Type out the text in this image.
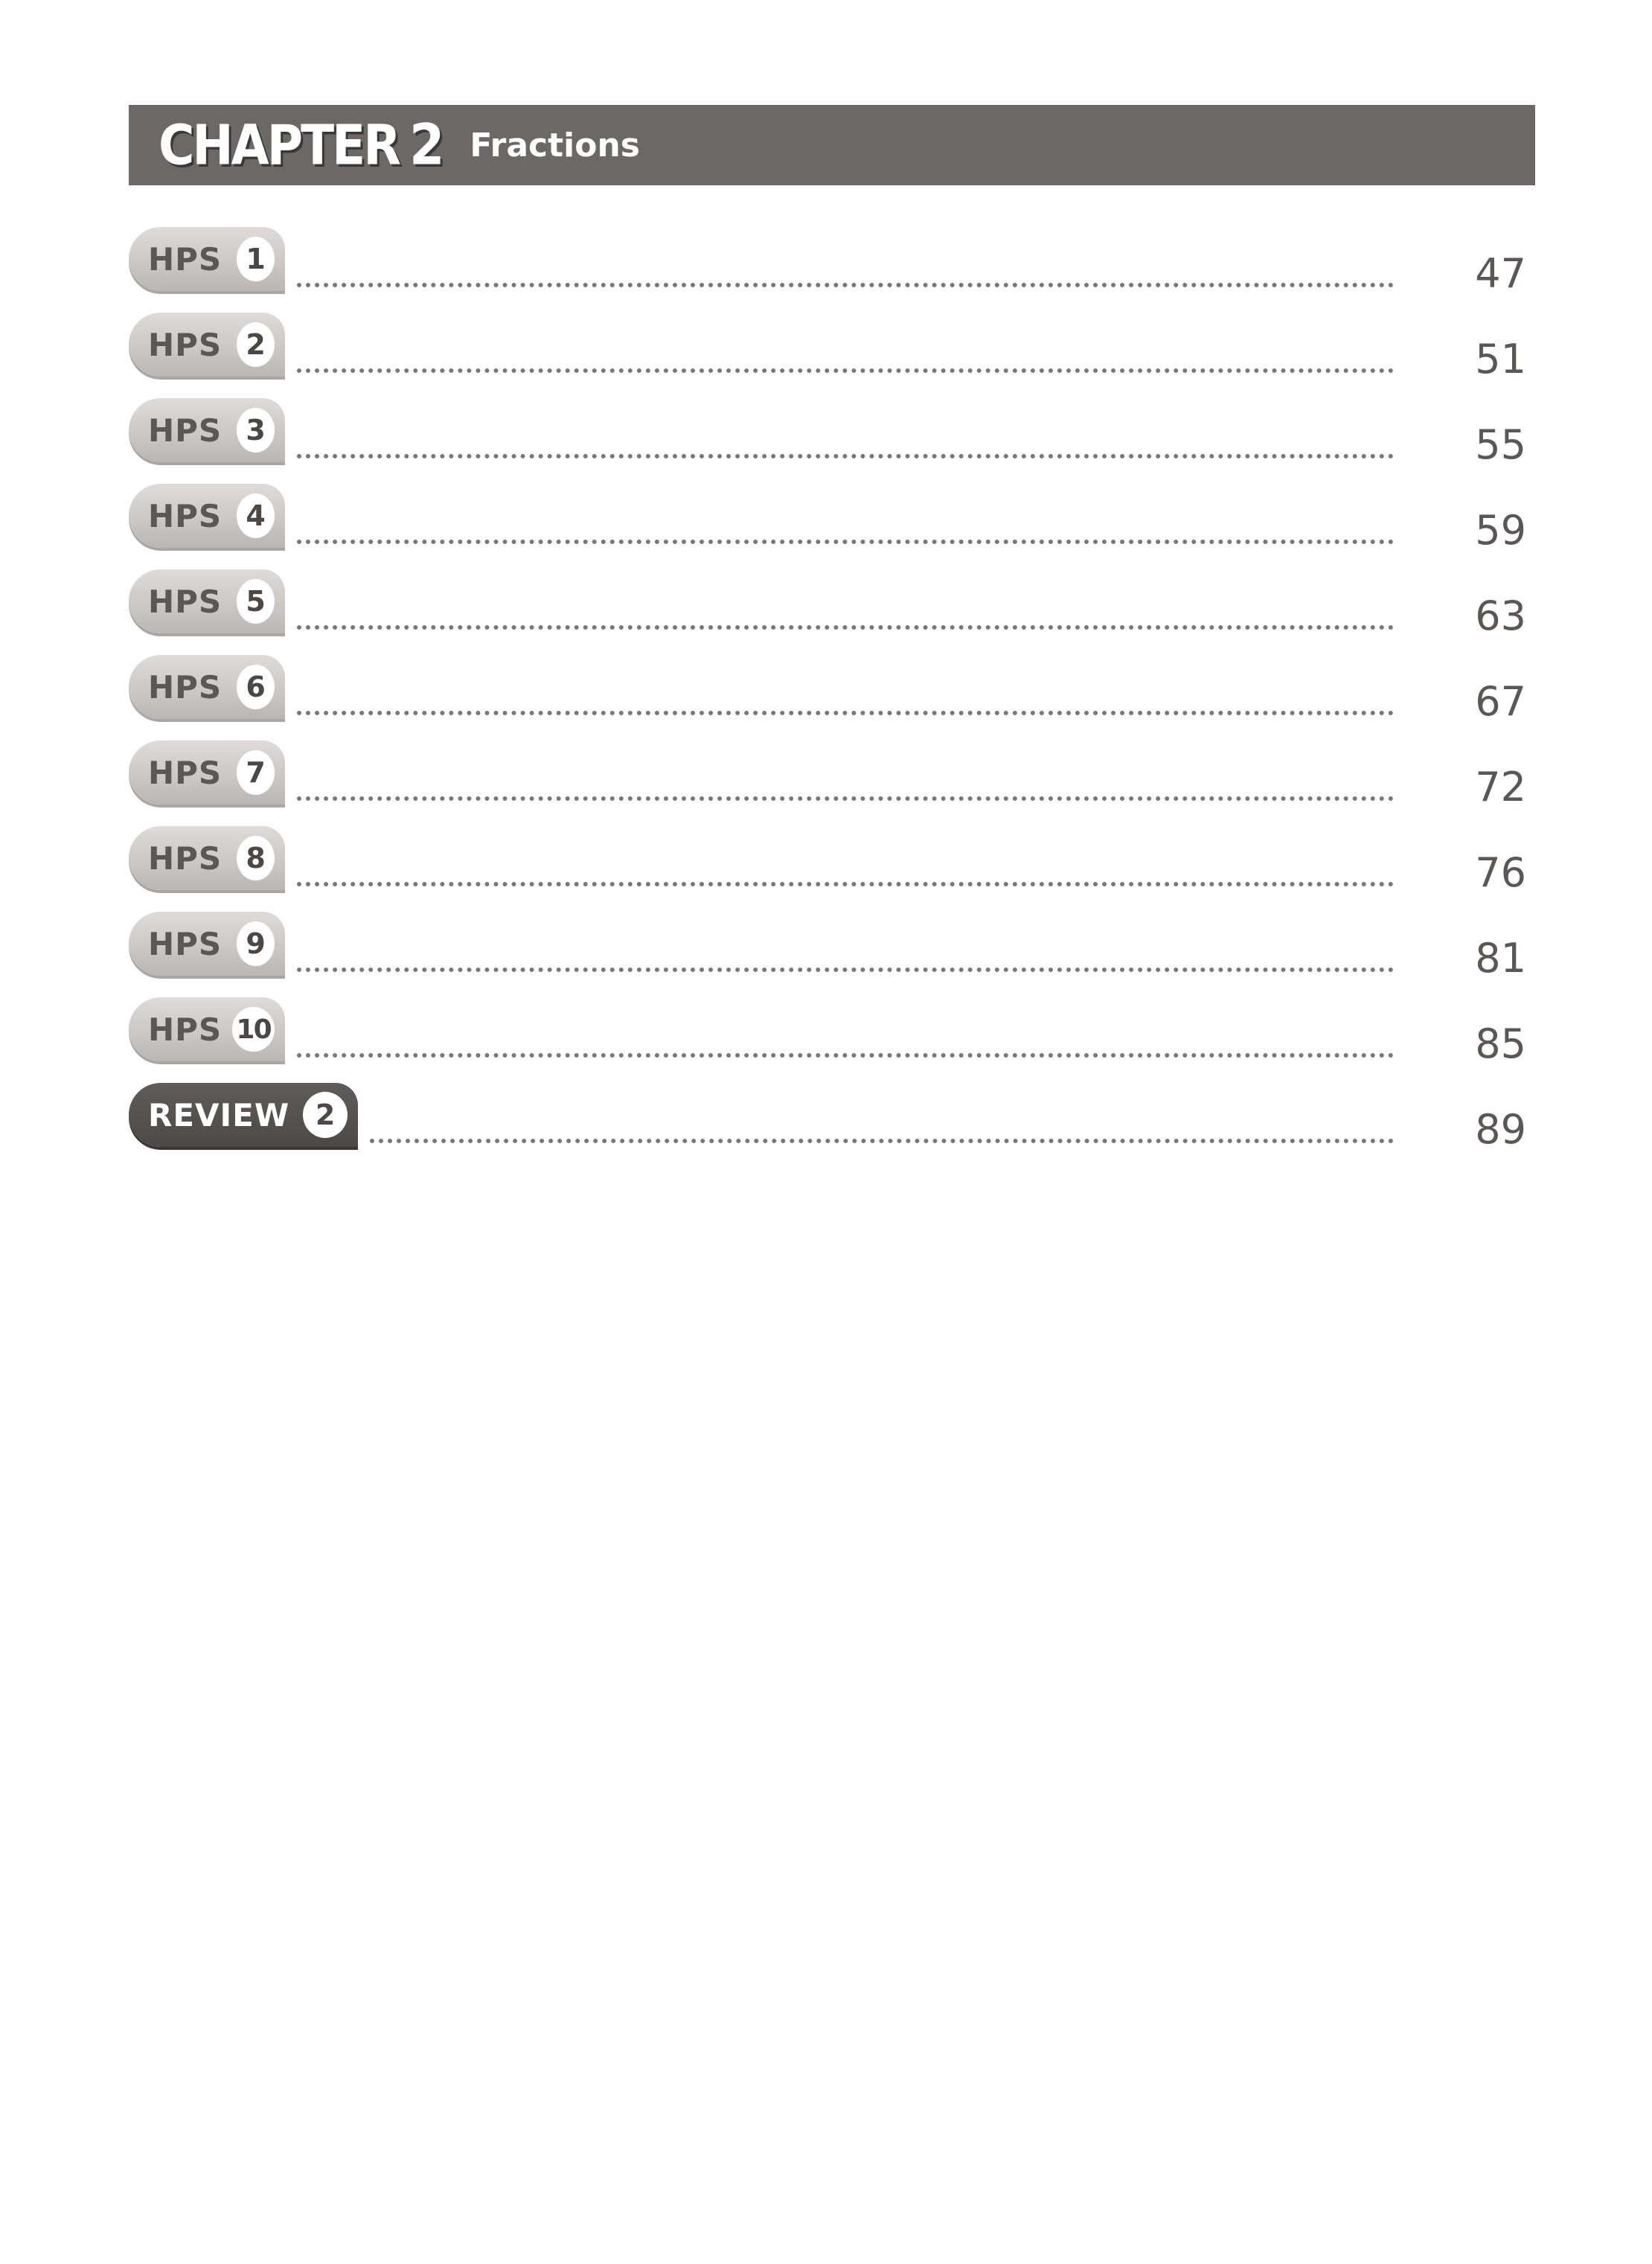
CHAPTER 2 Fractions
HPS 1	47
HPS 2	51
HPS 3	55
HPS 4	59
HPS 5	63
HPS 6	67
HPS 7	72
HPS 8	76
HPS 9	81
HPS 10	85
REVIEW 2	89
